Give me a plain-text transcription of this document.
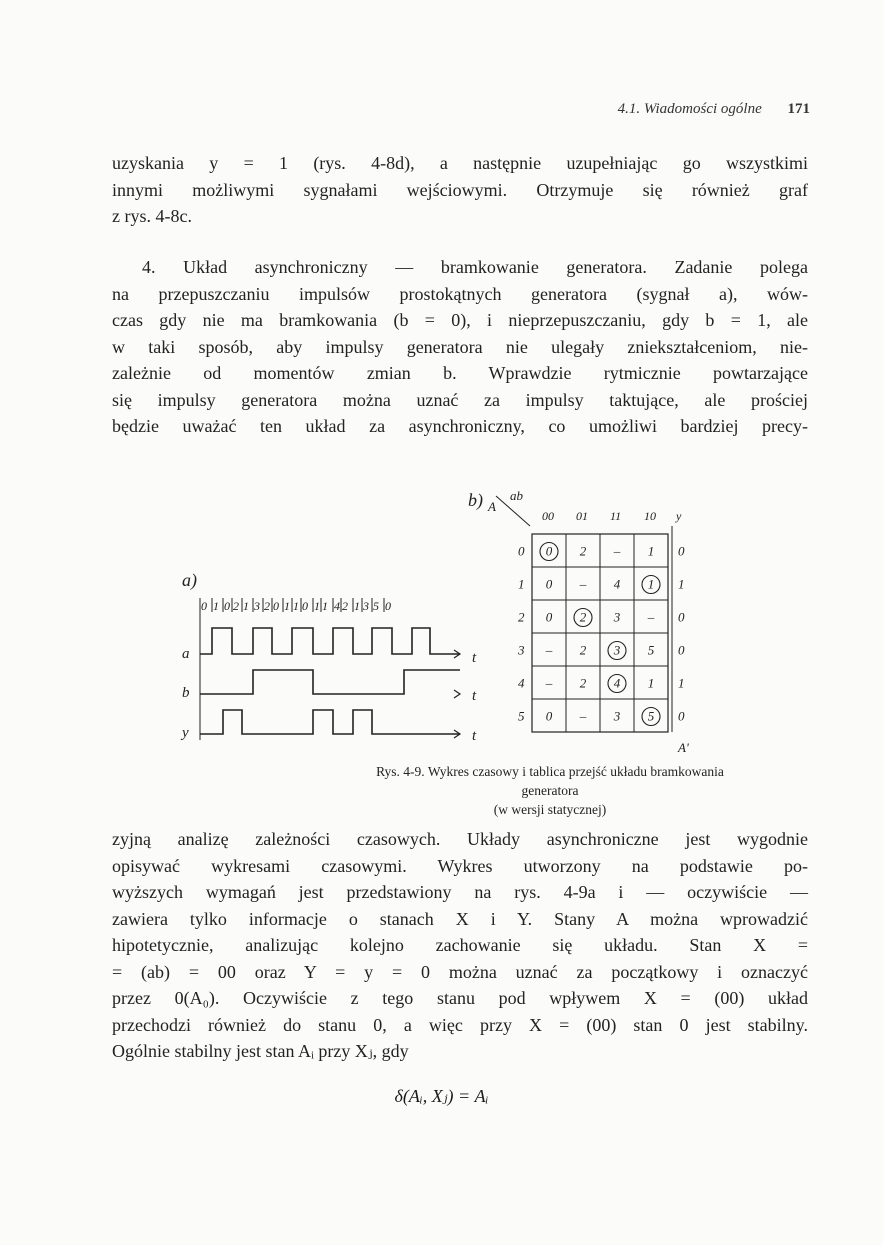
4.1. Wiadomości ogólne 171
uzyskania y = 1 (rys. 4-8d), a następnie uzupełniając go wszystkimi
innymi możliwymi sygnałami wejściowymi. Otrzymuje się również graf
z rys. 4-8c.
4. Układ asynchroniczny — bramkowanie generatora. Zadanie polega
na przepuszczaniu impulsów prostokątnych generatora (sygnał a), wów-
czas gdy nie ma bramkowania (b = 0), i nieprzepuszczaniu, gdy b = 1, ale
w taki sposób, aby impulsy generatora nie ulegały zniekształceniom, nie-
zależnie od momentów zmian b. Wprawdzie rytmicznie powtarzające
się impulsy generatora można uznać za impulsy taktujące, ale prościej
będzie uważać ten układ za asynchroniczny, co umożliwi bardziej precy-
a)
0 1 0 2 1 3 2 0 1 1 0 1 1 4 2 1 3 5 0
a
b
y
t
t
t
b) A
ab
00 01 11 10 y
0 0 2 – 1 0
1 0 – 4 1 1
2 0 2 3 – 0
3 – 2 3 5 0
4 – 2 4 1 1
5 0 – 3 5 0
A'
Rys. 4-9. Wykres czasowy i tablica przejść układu bramkowania generatora
(w wersji statycznej)
zyjną analizę zależności czasowych. Układy asynchroniczne jest wygodnie
opisywać wykresami czasowymi. Wykres utworzony na podstawie po-
wyższych wymagań jest przedstawiony na rys. 4-9a i — oczywiście —
zawiera tylko informacje o stanach X i Y. Stany A można wprowadzić
hipotetycznie, analizując kolejno zachowanie się układu. Stan X =
= (ab) = 00 oraz Y = y = 0 można uznać za początkowy i oznaczyć
przez 0(A₀). Oczywiście z tego stanu pod wpływem X = (00) układ
przechodzi również do stanu 0, a więc przy X = (00) stan 0 jest stabilny.
Ogólnie stabilny jest stan Aᵢ przy Xⱼ, gdy
δ(Aᵢ, Xⱼ) = Aᵢ
